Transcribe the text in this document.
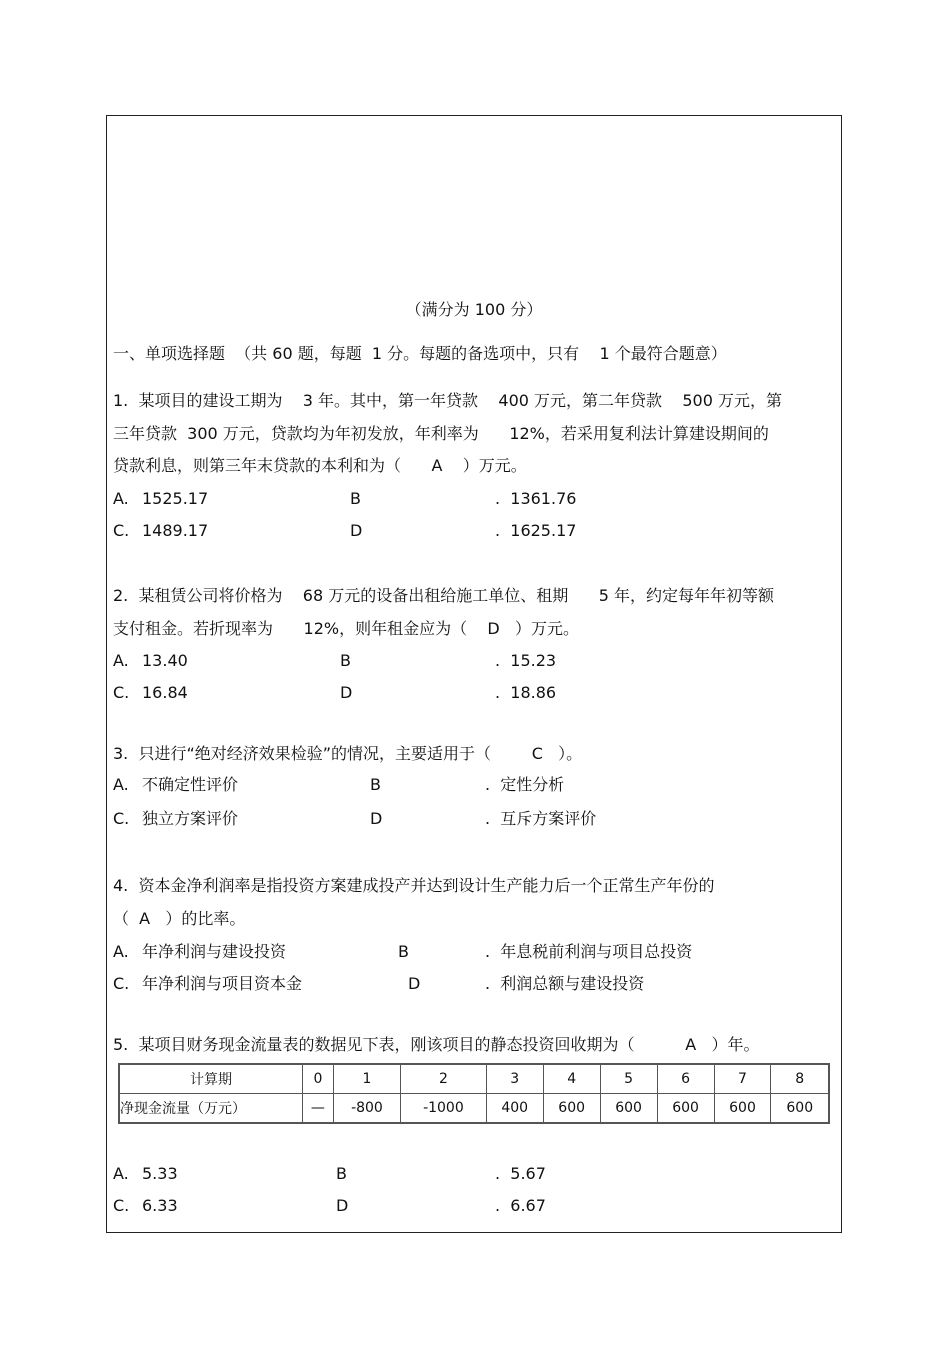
（满分为 100 分）
一、单项选择题  （共 60 题，每题  1 分。每题的备选项中，只有    1 个最符合题意）
1.  某项目的建设工期为    3 年。其中，第一年贷款    400 万元，第二年贷款    500 万元，第
三年贷款  300 万元，贷款均为年初发放，年利率为      12%，若采用复利法计算建设期间的
贷款利息，则第三年末贷款的本利和为（      A    ）万元。
A. 1525.17	B	.  1361.76
C. 1489.17	D	.  1625.17
2.  某租赁公司将价格为    68 万元的设备出租给施工单位、租期      5 年，约定每年年初等额
支付租金。若折现率为      12%，则年租金应为（    D   ）万元。
A. 13.40	B	.  15.23
C. 16.84	D	.  18.86
3.  只进行“绝对经济效果检验”的情况，主要适用于（        C   ）。
A. 不确定性评价	B	.  定性分析
C. 独立方案评价	D	.  互斥方案评价
4.  资本金净利润率是指投资方案建成投产并达到设计生产能力后一个正常生产年份的
（  A   ）的比率。
A. 年净利润与建设投资	B	.  年息税前利润与项目总投资
C. 年净利润与项目资本金	D	.  利润总额与建设投资
5.  某项目财务现金流量表的数据见下表，刚该项目的静态投资回收期为（          A   ）年。
计算期	0	1	2	3	4	5	6	7	8
净现金流量（万元）	—	-800	-1000	400	600	600	600	600	600
A. 5.33	B	.  5.67
C. 6.33	D	.  6.67
